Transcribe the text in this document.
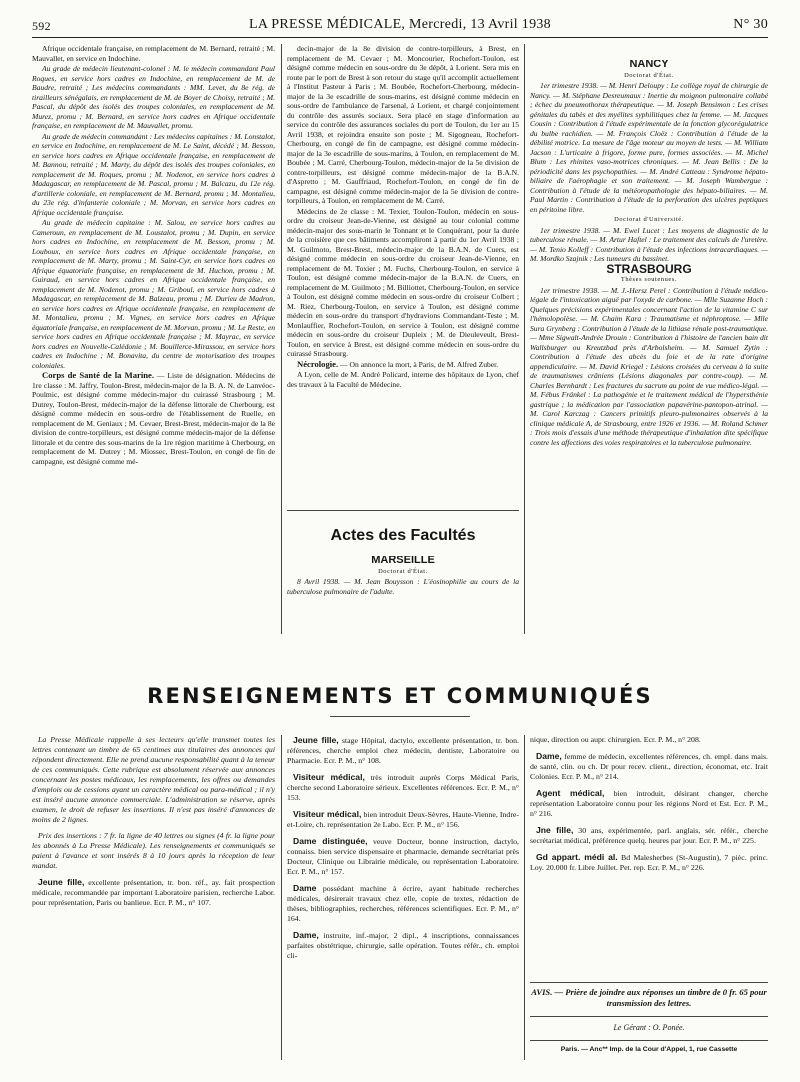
592	LA PRESSE MÉDICALE, Mercredi, 13 Avril 1938	N° 30

Afrique occidentale française, en remplacement de M. Bernard, retraité ; M. Mauvallet, en service en Indochine.

Au grade de médecin lieutenant-colonel : M. le médecin commandant Paul Roques, en service hors cadres en Indochine, en remplacement de M. de Baudre, retraité ; Les médecins commandants : MM. Levet, du 8e rég. de tirailleurs sénégalais, en remplacement de M. de Boyer de Choisy, retraité ; M. Pascal, du dépôt des isolés des troupes coloniales, en remplacement de M. Murez, promu ; M. Bernard, en service hors cadres en Afrique occidentale française, en remplacement de M. Mauvallet, promu.

Au grade de médecin commandant : Les médecins capitaines : M. Lonstalot, en service en Indochine, en remplacement de M. Le Saint, décédé ; M. Besson, en service hors cadres en Afrique occidentale française, en remplacement de M. Bannou, retraité ; M. Marty, du dépôt des isolés des troupes coloniales, en remplacement de M. Roques, promu ; M. Nodenot, en service hors cadres à Madagascar, en remplacement de M. Pascal, promu ; M. Balcazu, du 12e rég. d'artillerie coloniale, en remplacement de M. Bernard, promu ; M. Montalieu, du 23e rég. d'infanterie coloniale ; M. Morvan, en service hors cadres en Afrique occidentale française.

Au grade de médecin capitaine : M. Salou, en service hors cadres au Cameroun, en remplacement de M. Loustalot, promu ; M. Dupin, en service hors cadres en Indochine, en remplacement de M. Besson, promu ; M. Louboux, en service hors cadres en Afrique occidentale française, en remplacement de M. Marty, promu ; M. Saint-Cyr, en service hors cadres en Afrique équatoriale française, en remplacement de M. Huchon, promu ; M. Guiraud, en service hors cadres en Afrique occidentale française, en remplacement de M. Nodenot, promu ; M. Griboul, en service hors cadres à Madagascar, en remplacement de M. Balzeau, promu ; M. Durieu de Madron, en service hors cadres en Afrique occidentale française, en remplacement de M. Montalieu, promu ; M. Vignes, en service hors cadres en Afrique équatoriale française, en remplacement de M. Morvan, promu ; M. Le Reste, en service hors cadres en Afrique occidentale française ; M. Mayrac, en service hors cadres en Nouvelle-Calédonie ; M. Bouillerce-Mirassou, en service hors cadres en Indochine ; M. Bonavita, du centre de motorisation des troupes coloniales.

Corps de Santé de la Marine. — Liste de désignation. Médecins de 1re classe : M. Jaffry, Toulon-Brest, médecin-major de la B. A. N. de Lanvéoc-Poulmic, est désigné comme médecin-major du cuirassé Strasbourg ; M. Dutrey, Toulon-Brest, médecin-major de la défense littorale de Cherbourg, est désigné comme médecin en sous-ordre de l'établissement de Ruelle, en remplacement de M. Geniaux ; M. Cevaer, Brest-Brest, médecin-major de la 8e division de contre-torpilleurs, est désigné comme médecin-major de la défense littorale et du centre des sous-marins de la 1re région maritime à Cherbourg, en remplacement de M. Dutrey ; M. Miossec, Brest-Toulon, en congé de fin de campagne, est désigné comme mé-

decin-major de la 8e division de contre-torpilleurs, à Brest, en remplacement de M. Cevaer ; M. Moncourier, Rochefort-Toulon, est désigné comme médecin en sous-ordre du 3e dépôt, à Lorient. Sera mis en route par le port de Brest à son retour du stage qu'il accomplit actuellement à l'Institut Pasteur à Paris ; M. Boubée, Rochefort-Cherbourg, médecin-major de la 3e escadrille de sous-marins, est désigné comme médecin en sous-ordre de l'ambulance de l'arsenal, à Lorient, et chargé conjointement du contrôle des assurés sociaux. Sera placé en stage d'information au service du contrôle des assurances sociales du port de Toulon, du 1er au 15 Avril 1938, et rejoindra ensuite son poste ; M. Sigogneau, Rochefort-Cherbourg, en congé de fin de campagne, est désigné comme médecin-major de la 3e escadrille de sous-marins, à Toulon, en remplacement de M. Boubée ; M. Carré, Cherbourg-Toulon, médecin-major de la 5e division de contre-torpilleurs, est désigné comme médecin-major de la B.A.N. d'Aspretto ; M. Gauffriaud, Rochefort-Toulon, en congé de fin de campagne, est désigné comme médecin-major de la 5e division de contre-torpilleurs, à Toulon, en remplacement de M. Carré.

Médecins de 2e classe : M. Texier, Toulon-Toulon, médecin en sous-ordre du croiseur Jean-de-Vienne, est désigné au tour colonial comme médecin-major des sous-marin le Tonnant et le Conquérant, pour la durée de la croisière que ces bâtiments accompliront à partir du 1er Avril 1938 ; M. Guilmoto, Brest-Brest, médecin-major de la B.A.N. de Cuers, est désigné comme médecin en sous-ordre du croiseur Jean-de-Vienne, en remplacement de M. Toxier ; M. Fuchs, Cherbourg-Toulon, en service à Toulon, est désigné comme médecin-major de la B.A.N. de Cuers, en remplacement de M. Guilmoto ; M. Billiottet, Cherbourg-Toulon, en service à Toulon, est désigné comme médecin en sous-ordre du croiseur Colbert ; M. Riez, Cherbourg-Toulon, en service à Toulon, est désigné comme médecin en sous-ordre du transport d'hydravions Commandant-Teste ; M. Monlauffier, Rochefort-Toulon, en service à Toulon, est désigné comme médecin en sous-ordre du croiseur Dupleix ; M. de Dieuleveult, Brest-Toulon, en service à Brest, est désigné comme médecin en sous-ordre du cuirassé Strasbourg.

Nécrologie. — On annonce la mort, à Paris, de M. Alfred Zuber.

A Lyon, celle de M. André Policard, interne des hôpitaux de Lyon, chef des travaux à la Faculté de Médecine.

Actes des Facultés

MARSEILLE

Doctorat d'État.

8 Avril 1938. — M. Jean Bouysson : L'éosinophilie au cours de la tuberculose pulmonaire de l'adulte.

NANCY

Doctorat d'État.

1er trimestre 1938. — M. Henri Deloupy : Le collège royal de chirurgie de Nancy. — M. Stéphane Desreumaux : Inertie du moignon pulmonaire collabé ; échec du pneumothorax thérapeutique. — M. Joseph Bensimon : Les crises génitales du tabès et des myélites syphilitiques chez la femme. — M. Jacques Cousin : Contribution à l'étude expérimentale de la fonction glycorégulatrice du bulbe rachidien. — M. François Cloëz : Contribution à l'étude de la débilité motrice. La mesure de l'âge moteur au moyen de tests. — M. William Jacson : L'urticaire à frigore, forme pure, formes associées. — M. Michel Blum : Les rhinites vaso-motrices chroniques. — M. Jean Bellis : De la périodicité dans les psychopathies. — M. André Catteau : Syndrome hépato-biliaire de l'aérophagie et son traitement. — M. Joseph Wambergue : Contribution à l'étude de la météoropathologie des hépato-biliaires. — M. Paul Martin : Contribution à l'étude de la perforation des ulcères peptiques en péritoine libre.

Doctorat d'Université.

1er trimestre 1938. — M. Ewel Lucet : Les moyens de diagnostic de la tuberculose rénale. — M. Artur Haftel : Le traitement des calculs de l'uretère. — M. Tenio Kolleff : Contribution à l'étude des infections intracardiaques. — M. Mordko Szajnik : Les tumeurs du bassinet.

STRASBOURG

Thèses soutenues.

1er trimestre 1938. — M. J.-Hersz Perel : Contribution à l'étude médico-légale de l'intoxication aiguë par l'oxyde de carbone. — Mlle Suzanne Hoch : Quelques précisions expérimentales concernant l'action de la vitamine C sur l'hémolopoïèse. — M. Chaim Kara : Traumatisme et néphroptose. — Mlle Sura Grynberg : Contribution à l'étude de la lithiase rénale post-traumatique. — Mme Sigwalt-Andrée Drouin : Contribution à l'histoire de l'ancien bain dit Wallsburger ou Kreutzbad près d'Arbolsheim. — M. Samuel Zytin : Contribution à l'étude des abcès du foie et de la rate d'origine appendiculaire. — M. David Kriegel : Lésions croisées du cerveau à la suite de traumatismes crâniens (Lésions diagonales par contre-coup). — M. Charles Bernhardt : Les fractures du sacrum au point de vue médico-légal. — M. Fébus Fränkel : La pathogénie et le traitement médical de l'hypersthénie gastrique ; la médication par l'association papavérine-pantopon-atrinal. — M. Carol Karczag : Cancers primitifs pleuro-pulmonaires observés à la clinique médicale A, de Strasbourg, entre 1926 et 1936. — M. Roland Schmer : Trois mois d'essais d'une méthode thérapeutique d'inhalation dite spécifique contre les affections des voies respiratoires et la tuberculose pulmonaire.

RENSEIGNEMENTS ET COMMUNIQUÉS

La Presse Médicale rappelle à ses lecteurs qu'elle transmet toutes les lettres contenant un timbre de 65 centimes aux titulaires des annonces qui répondent directement. Elle ne prend aucune responsabilité quant à la teneur de ces communiqués. Cette rubrique est absolument réservée aux annonces concernant les postes médicaux, les remplacements, les offres ou demandes d'emplois ou de cessions ayant un caractère médical ou para-médical ; il n'y est inséré aucune annonce commerciale. L'administration se réserve, après examen, le droit de refuser les insertions. Il n'est pas inséré d'annonces de moins de 2 lignes.

Prix des insertions : 7 fr. la ligne de 40 lettres ou signes (4 fr. la ligne pour les abonnés à La Presse Médicale). Les renseignements et communiqués se paient à l'avance et sont insérés 8 à 10 jours après la réception de leur mandat.

Jeune fille, excellente présentation, tr. bon. réf., ay. fait prospection médicale, recommandée par important Laboratoire parisien, recherche Labor. pour représentation, Paris ou banlieue. Ecr. P. M., n° 107.

Jeune fille, stage Hôpital, dactylo, excellente présentation, tr. bon. références, cherche emploi chez médecin, dentiste, Laboratoire ou Pharmacie. Ecr. P. M., n° 108.

Visiteur médical, très introduit auprès Corps Médical Paris, cherche second Laboratoire sérieux. Excellentes références. Ecr. P. M., n° 153.

Visiteur médical, bien introduit Deux-Sèvres, Haute-Vienne, Indre-et-Loire, ch. représentation 2e Labo. Ecr. P. M., n° 156.

Dame distinguée, veuve Docteur, bonne instruction, dactylo, connaiss. bien service dispensaire et pharmacie, demande secrétariat près Docteur, Clinique ou Librairie médicale, ou représentation Laboratoire. Ecr. P. M., n° 157.

Dame possédant machine à écrire, ayant habitude recherches médicales, désirerait travaux chez elle, copie de textes, rédaction de thèses, bibliographies, recherches, références scientifiques. Ecr. P. M., n° 164.

Dame, instruite, inf.-major, 2 dipl., 4 inscriptions, connaissances parfaites obstétrique, chirurgie, salle opération. Toutes référ., ch. emploi cli-

nique, direction ou aupr. chirurgien. Ecr. P. M., n° 208.

Dame, femme de médecin, excellentes références, ch. empl. dans mais. de santé, clin. ou ch. Dr pour recev. client., direction, économat, etc. Irait Colonies. Ecr. P. M., n° 214.

Agent médical, bien introduit, désirant changer, cherche représentation Laboratoire connu pour les régions Nord et Est. Ecr. P. M., n° 216.

Jne fille, 30 ans, expérimentée, parl. anglais, sér. référ., cherche secrétariat médical, préférence quelq. heures par jour. Ecr. P. M., n° 225.

Gd appart. médi al. Bd Malesherbes (St-Augustin), 7 pièc. princ. Loy. 20.000 fr. Libre Juillet. Pet. rep. Ecr. P. M., n° 226.

AVIS. — Prière de joindre aux réponses un timbre de 0 fr. 65 pour transmission des lettres.
Le Gérant : O. Ponée.
Paris. — Anc** Imp. de la Cour d'Appel, 1, rue Cassette
